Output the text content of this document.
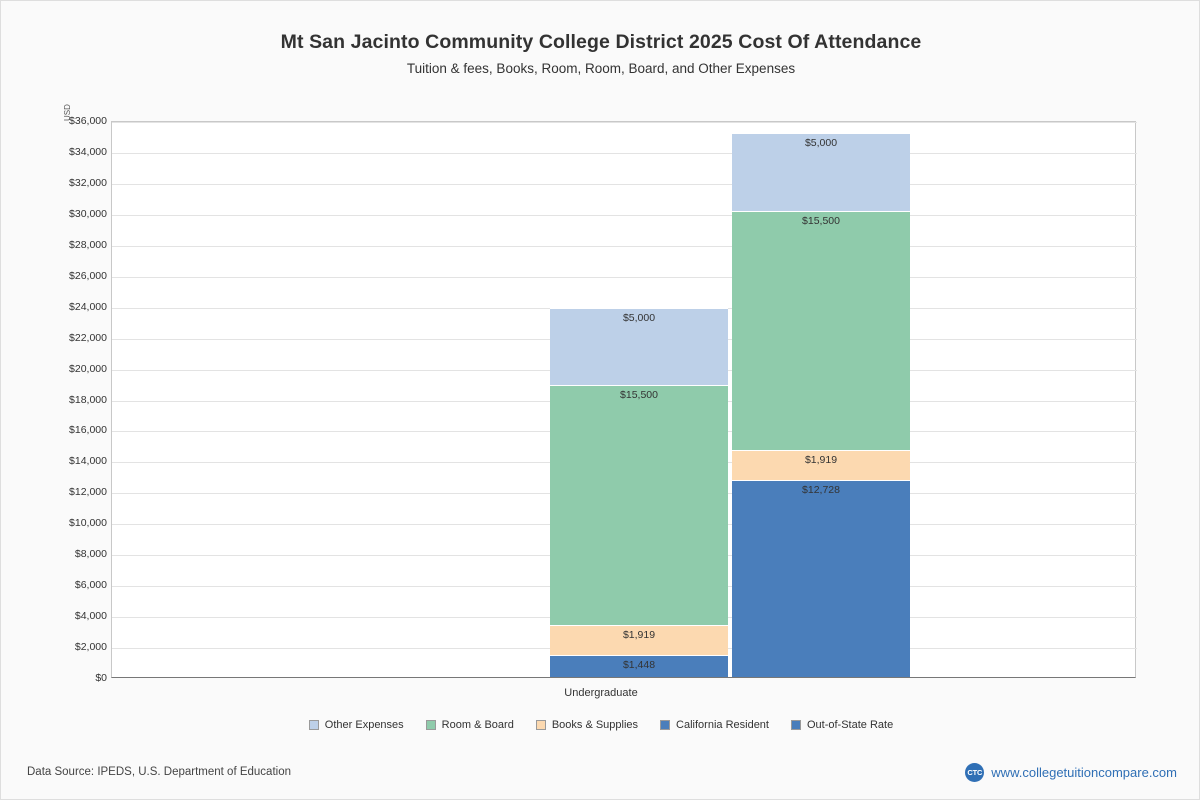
Mt San Jacinto Community College District 2025 Cost Of Attendance
Tuition & fees, Books, Room, Room, Board, and Other Expenses
USD
$0
$2,000
$4,000
$6,000
$8,000
$10,000
$12,000
$14,000
$16,000
$18,000
$20,000
$22,000
$24,000
$26,000
$28,000
$30,000
$32,000
$34,000
$36,000
$1,448
$1,919
$15,500
$5,000
$12,728
$1,919
$15,500
$5,000
Undergraduate
Other Expenses	Room & Board	Books & Supplies	California Resident	Out-of-State Rate
Data Source: IPEDS, U.S. Department of Education	CTC www.collegetuitioncompare.com
